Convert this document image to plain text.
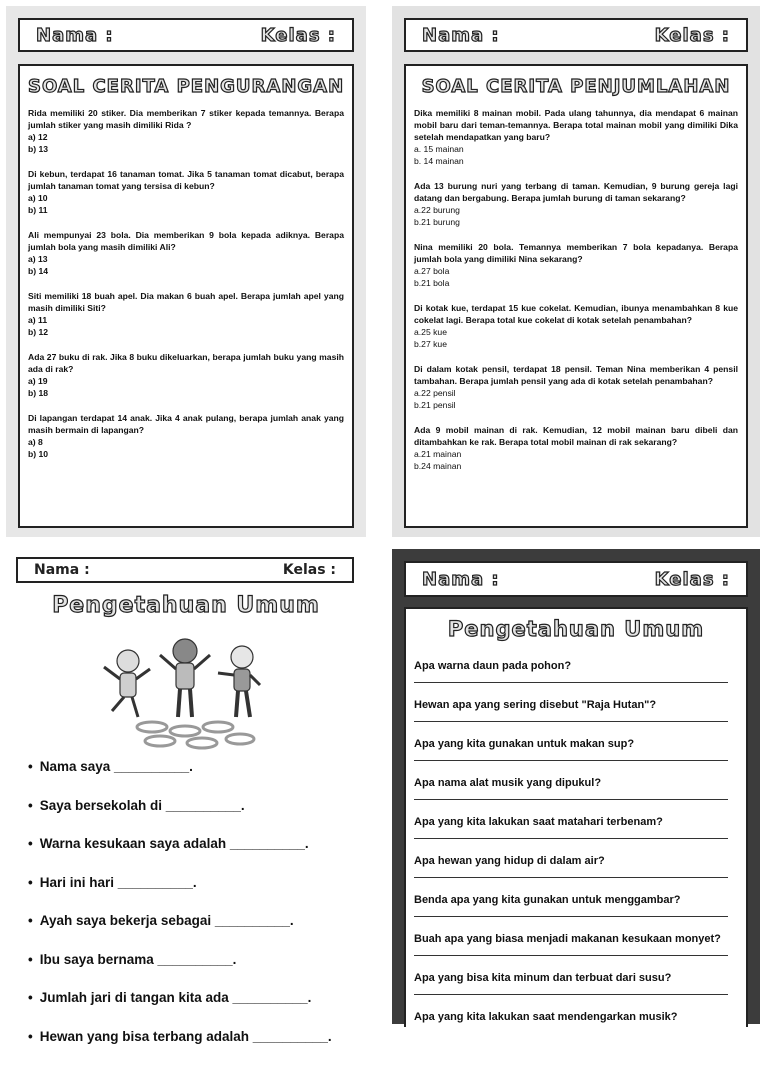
Nama :	Kelas :
SOAL CERITA PENGURANGAN
Rida memiliki 20 stiker. Dia memberikan 7 stiker kepada temannya. Berapa jumlah stiker yang masih dimiliki Rida ?
a) 12
b) 13
Di kebun, terdapat 16 tanaman tomat. Jika 5 tanaman tomat dicabut, berapa jumlah tanaman tomat yang tersisa di kebun?
a) 10
b) 11
Ali mempunyai 23 bola. Dia memberikan 9 bola kepada adiknya. Berapa jumlah bola yang masih dimiliki Ali?
a) 13
b) 14
Siti memiliki 18 buah apel. Dia makan 6 buah apel. Berapa jumlah apel yang masih dimiliki Siti?
a) 11
b) 12
Ada 27 buku di rak. Jika 8 buku dikeluarkan, berapa jumlah buku yang masih ada di rak?
a) 19
b) 18
Di lapangan terdapat 14 anak. Jika 4 anak pulang, berapa jumlah anak yang masih bermain di lapangan?
a) 8
b) 10
Nama :	Kelas :
SOAL CERITA PENJUMLAHAN
Dika memiliki 8 mainan mobil. Pada ulang tahunnya, dia mendapat 6 mainan mobil baru dari teman-temannya. Berapa total mainan mobil yang dimiliki Dika setelah mendapatkan yang baru?
a. 15 mainan
b. 14 mainan
Ada 13 burung nuri yang terbang di taman. Kemudian, 9 burung gereja lagi datang dan bergabung. Berapa jumlah burung di taman sekarang?
a.22 burung
b.21 burung
Nina memiliki 20 bola. Temannya memberikan 7 bola kepadanya. Berapa jumlah bola yang dimiliki Nina sekarang?
a.27 bola
b.21 bola
Di kotak kue, terdapat 15 kue cokelat. Kemudian, ibunya menambahkan 8 kue cokelat lagi. Berapa total kue cokelat di kotak setelah penambahan?
a.25 kue
b.27 kue
Di dalam kotak pensil, terdapat 18 pensil. Teman Nina memberikan 4 pensil tambahan. Berapa jumlah pensil yang ada di kotak setelah penambahan?
a.22 pensil
b.21 pensil
Ada 9 mobil mainan di rak. Kemudian, 12 mobil mainan baru dibeli dan ditambahkan ke rak. Berapa total mobil mainan di rak sekarang?
a.21 mainan
b.24 mainan
Nama :	Kelas :
Pengetahuan Umum
• Nama saya __________.
• Saya bersekolah di __________.
• Warna kesukaan saya adalah __________.
• Hari ini hari __________.
• Ayah saya bekerja sebagai __________.
• Ibu saya bernama __________.
• Jumlah jari di tangan kita ada __________.
• Hewan yang bisa terbang adalah __________.
Nama :	Kelas :
Pengetahuan Umum
Apa warna daun pada pohon?
Hewan apa yang sering disebut "Raja Hutan"?
Apa yang kita gunakan untuk makan sup?
Apa nama alat musik yang dipukul?
Apa yang kita lakukan saat matahari terbenam?
Apa hewan yang hidup di dalam air?
Benda apa yang kita gunakan untuk menggambar?
Buah apa yang biasa menjadi makanan kesukaan monyet?
Apa yang bisa kita minum dan terbuat dari susu?
Apa yang kita lakukan saat mendengarkan musik?
